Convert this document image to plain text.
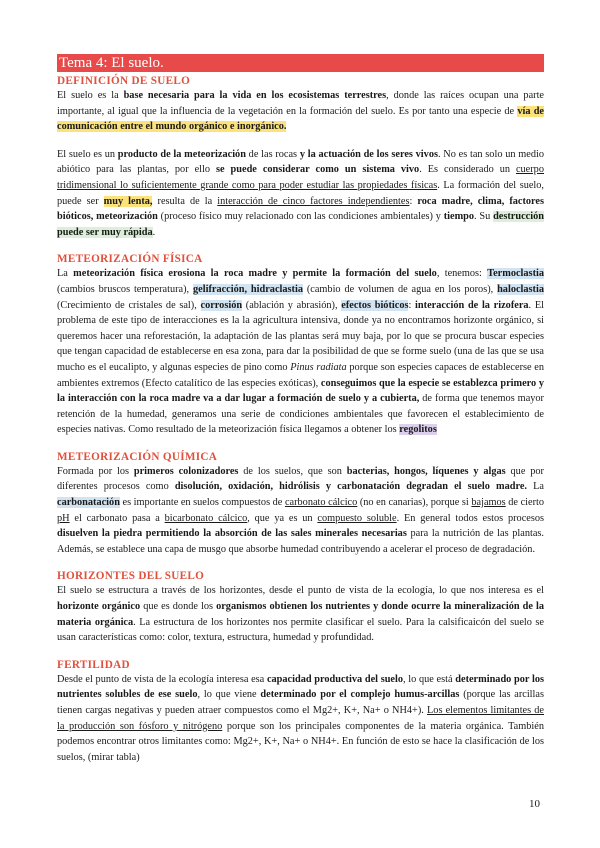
Tema 4: El suelo.
DEFINICIÓN DE SUELO

El suelo es la base necesaria para la vida en los ecosistemas terrestres, donde las raíces ocupan una parte importante, al igual que la influencia de la vegetación en la formación del suelo. Es por tanto una especie de vía de comunicación entre el mundo orgánico e inorgánico.

El suelo es un producto de la meteorización de las rocas y la actuación de los seres vivos. No es tan solo un medio abiótico para las plantas, por ello se puede considerar como un sistema vivo. Es considerado un cuerpo tridimensional lo suficientemente grande como para poder estudiar las propiedades físicas. La formación del suelo, puede ser muy lenta, resulta de la interacción de cinco factores independientes: roca madre, clima, factores bióticos, meteorización (proceso físico muy relacionado con las condiciones ambientales) y tiempo. Su destrucción puede ser muy rápida.

METEORIZACIÓN FÍSICA

La meteorización física erosiona la roca madre y permite la formación del suelo, tenemos: Termoclastia (cambios bruscos temperatura), gelifracción, hidraclastia (cambio de volumen de agua en los poros), haloclastia (Crecimiento de cristales de sal), corrosión (ablación y abrasión), efectos bióticos: interacción de la rizofera. El problema de este tipo de interacciones es la la agricultura intensiva, donde ya no encontramos horizonte orgánico, si queremos hacer una reforestación, la adaptación de las plantas será muy baja, por lo que se procura buscar especies que tengan capacidad de establecerse en esa zona, para dar la posibilidad de que se forme suelo (una de las que se usa mucho es el eucalipto, y algunas especies de pino como Pinus radiata porque son especies capaces de establecerse en ambientes extremos (Efecto catalítico de las especies exóticas), conseguimos que la especie se establezca primero y la interacción con la roca madre va a dar lugar a formación de suelo y a cubierta, de forma que tenemos mayor retención de la humedad, generamos una serie de condiciones ambientales que favorecen el establecimiento de especies nativas. Como resultado de la meteorización física llegamos a obtener los regolitos

METEORIZACIÓN QUÍMICA

Formada por los primeros colonizadores de los suelos, que son bacterias, hongos, líquenes y algas que por diferentes procesos como disolución, oxidación, hidrólisis y carbonatación degradan el suelo madre. La carbonatación es importante en suelos compuestos de carbonato cálcico (no en canarias), porque si bajamos de cierto pH el carbonato pasa a bicarbonato cálcico, que ya es un compuesto soluble. En general todos estos procesos disuelven la piedra permitiendo la absorción de las sales minerales necesarias para la nutrición de las plantas. Además, se establece una capa de musgo que absorbe humedad contribuyendo a acelerar el proceso de degradación.

HORIZONTES DEL SUELO

El suelo se estructura a través de los horizontes, desde el punto de vista de la ecología, lo que nos interesa es el horizonte orgánico que es donde los organismos obtienen los nutrientes y donde ocurre la mineralización de la materia orgánica. La estructura de los horizontes nos permite clasificar el suelo. Para la calsificaicón del suelo se usan características como: color, textura, estructura, humedad y profundidad.

FERTILIDAD

Desde el punto de vista de la ecología interesa esa capacidad productiva del suelo, lo que está determinado por los nutrientes solubles de ese suelo, lo que viene determinado por el complejo humus-arcillas (porque las arcillas tienen cargas negativas y pueden atraer compuestos como el Mg2+, K+, Na+ o NH4+). Los elementos limitantes de la producción son fósforo y nitrógeno porque son los principales componentes de la materia orgánica. También podemos encontrar otros limitantes como: Mg2+, K+, Na+ o NH4+. En función de esto se hace la clasificación de los suelos, (mirar tabla)

10
